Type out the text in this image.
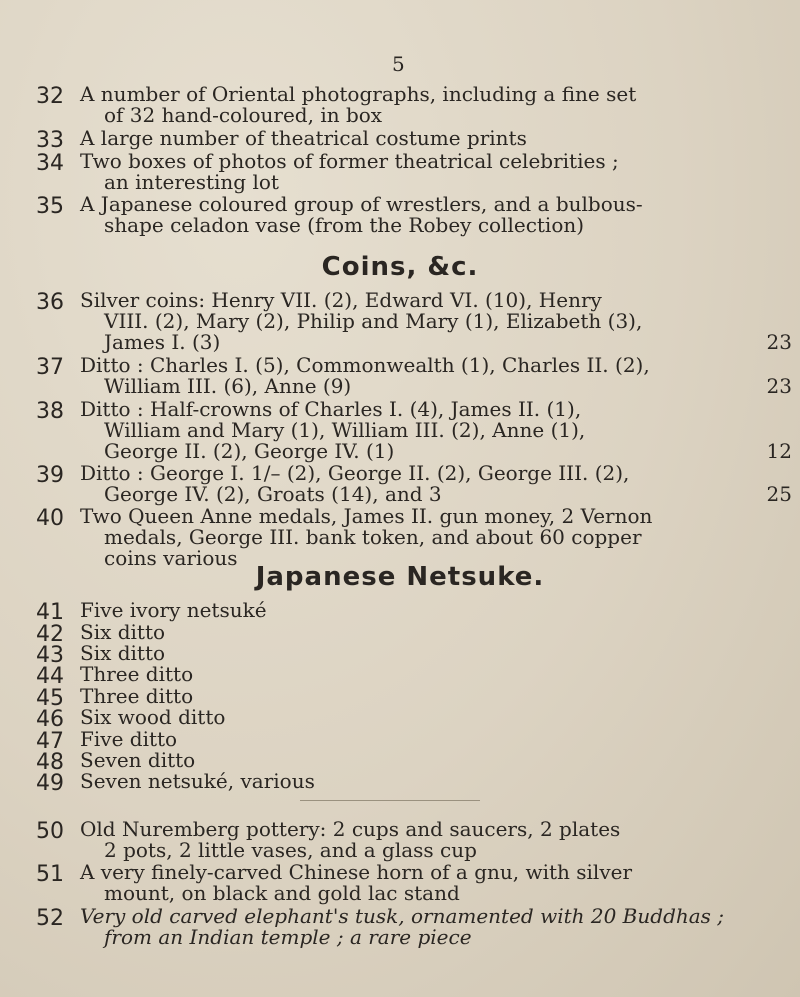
5
32 A number of Oriental photographs, including a fine set
of 32 hand-coloured, in box
33 A large number of theatrical costume prints
34 Two boxes of photos of former theatrical celebrities ;
an interesting lot
35 A Japanese coloured group of wrestlers, and a bulbous-
shape celadon vase (from the Robey collection)
Coins, &c.
36 Silver coins: Henry VII. (2), Edward VI. (10), Henry
VIII. (2), Mary (2), Philip and Mary (1), Elizabeth (3),
James I. (3)	23
37 Ditto : Charles I. (5), Commonwealth (1), Charles II. (2),
William III. (6), Anne (9)	23
38 Ditto : Half-crowns of Charles I. (4), James II. (1),
William and Mary (1), William III. (2), Anne (1),
George II. (2), George IV. (1)	12
39 Ditto : George I. 1/– (2), George II. (2), George III. (2),
George IV. (2), Groats (14), and 3	25
40 Two Queen Anne medals, James II. gun money, 2 Vernon
medals, George III. bank token, and about 60 copper
coins various
Japanese Netsuke.
41 Five ivory netsuké
42 Six ditto
43 Six ditto
44 Three ditto
45 Three ditto
46 Six wood ditto
47 Five ditto
48 Seven ditto
49 Seven netsuké, various
50 Old Nuremberg pottery: 2 cups and saucers, 2 plates
2 pots, 2 little vases, and a glass cup
51 A very finely-carved Chinese horn of a gnu, with silver
mount, on black and gold lac stand
52 Very old carved elephant's tusk, ornamented with 20 Buddhas ;
from an Indian temple ; a rare piece
